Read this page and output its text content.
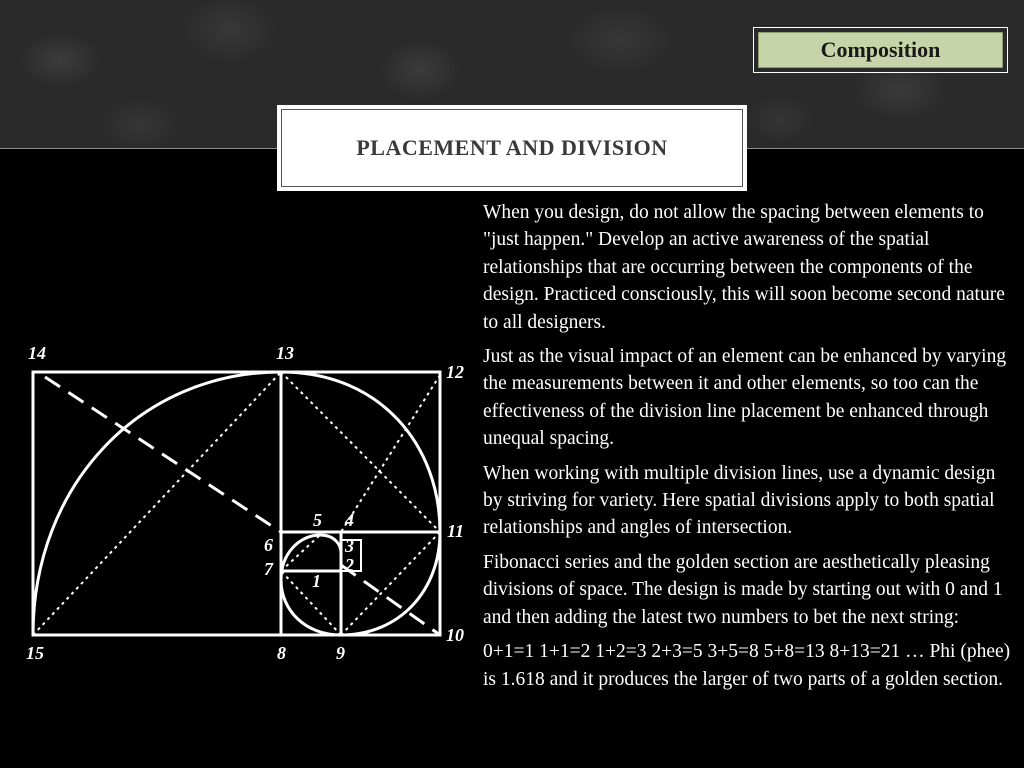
Composition
PLACEMENT AND DIVISION
14	13
12
11
10
15	8	9
5 4
6	3
7	2
1

When you design, do not allow the spacing between elements to "just happen." Develop an active awareness of the spatial relationships that are occurring between the components of the design. Practiced consciously, this will soon become second nature to all designers.

Just as the visual impact of an element can be enhanced by varying the measurements between it and other elements, so too can the effectiveness of the division line placement be enhanced through unequal spacing.

When working with multiple division lines, use a dynamic design by striving for variety. Here spatial divisions apply to both spatial relationships and angles of intersection.

Fibonacci series and the golden section are aesthetically pleasing divisions of space. The design is made by starting out with 0 and 1 and then adding the latest two numbers to bet the next string:

0+1=1 1+1=2 1+2=3 2+3=5 3+5=8 5+8=13 8+13=21 … Phi (phee) is 1.618 and it produces the larger of two parts of a golden section.
